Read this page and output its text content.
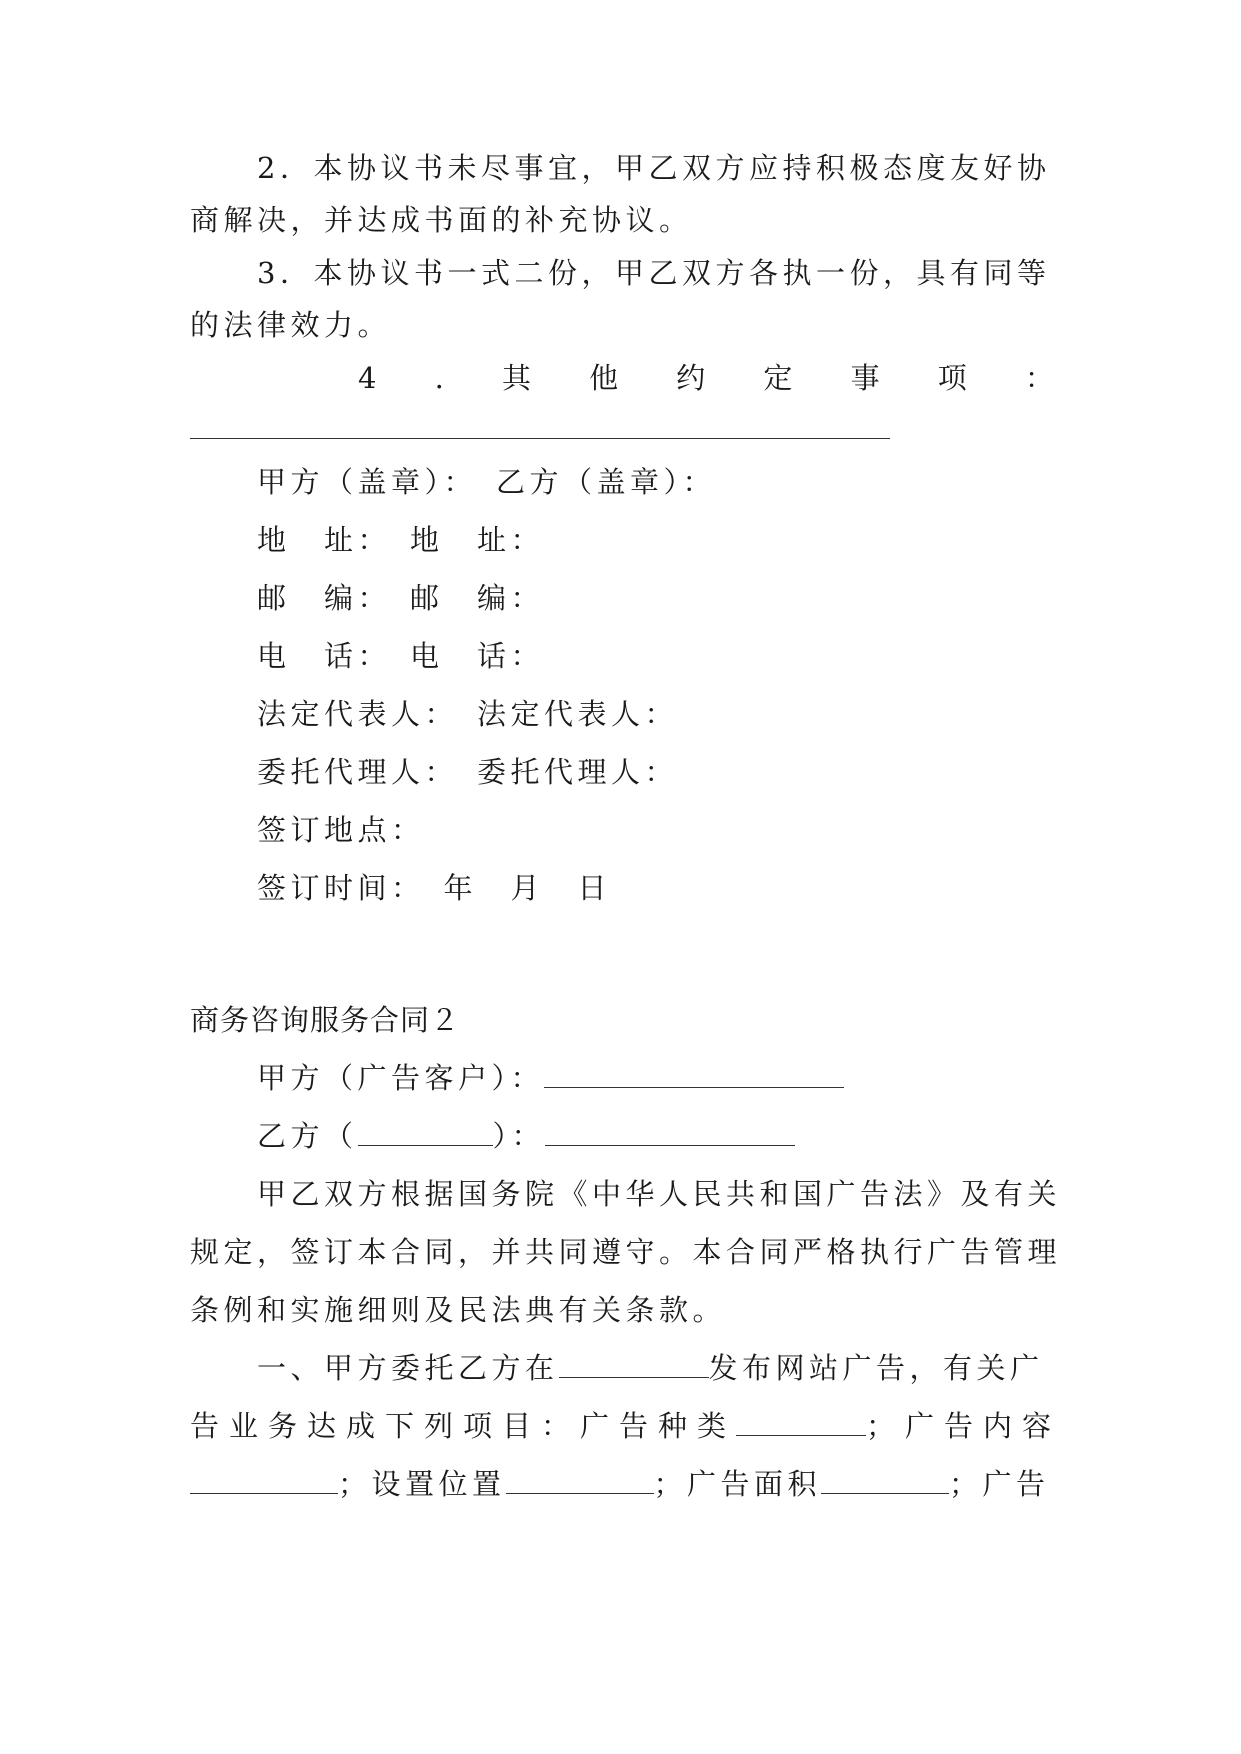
2．本协议书未尽事宜，甲乙双方应持积极态度友好协
商解决，并达成书面的补充协议。
3．本协议书一式二份，甲乙双方各执一份，具有同等
的法律效力。
4 . 其 他 约 定 事 项 ：
甲方（盖章）：　乙方（盖章）：
地　址：　地　址：
邮　编：　邮　编：
电　话：　电　话：
法定代表人：　法定代表人：
委托代理人：　委托代理人：
签订地点：
签订时间：　年　月　日
商务咨询服务合同２
甲方（广告客户）：
乙方（	）：
甲乙双方根据国务院《中华人民共和国广告法》及有关
规定，签订本合同，并共同遵守。本合同严格执行广告管理
条例和实施细则及民法典有关条款。
一、甲方委托乙方在	发布网站广告，有关广
告业务达成下列项目：广告种类	；广告内容
；设置位置	；广告面积	；广告
